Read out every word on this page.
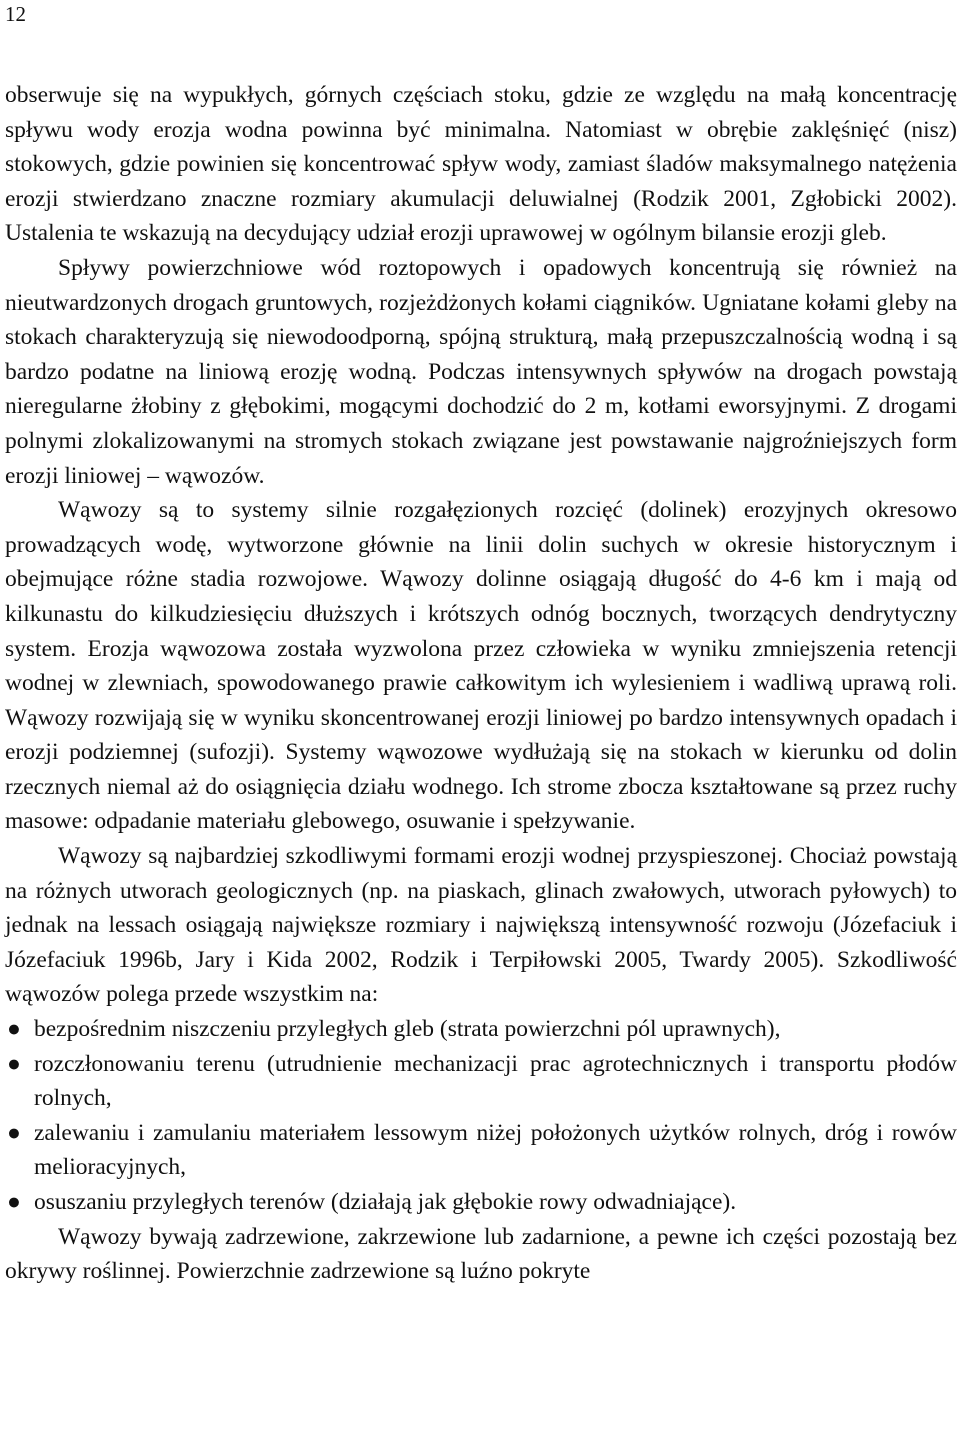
12

obserwuje się na wypukłych, górnych częściach stoku, gdzie ze względu na małą koncentrację spływu wody erozja wodna powinna być minimalna. Natomiast w obrębie zaklęśnięć (nisz) stokowych, gdzie powinien się koncentrować spływ wody, zamiast śladów maksymalnego natężenia erozji stwierdzano znaczne rozmiary akumulacji deluwialnej (Rodzik 2001, Zgłobicki 2002). Ustalenia te wskazują na decydujący udział erozji uprawowej w ogólnym bilansie erozji gleb.

Spływy powierzchniowe wód roztopowych i opadowych koncentrują się również na nieutwardzonych drogach gruntowych, rozjeżdżonych kołami ciągników. Ugniatane kołami gleby na stokach charakteryzują się niewodoodporną, spójną strukturą, małą przepuszczalnością wodną i są bardzo podatne na liniową erozję wodną. Podczas intensywnych spływów na drogach powstają nieregularne żłobiny z głębokimi, mogącymi dochodzić do 2 m, kotłami eworsyjnymi. Z drogami polnymi zlokalizowanymi na stromych stokach związane jest powstawanie najgroźniejszych form erozji liniowej – wąwozów.

Wąwozy są to systemy silnie rozgałęzionych rozcięć (dolinek) erozyjnych okresowo prowadzących wodę, wytworzone głównie na linii dolin suchych w okresie historycznym i obejmujące różne stadia rozwojowe. Wąwozy dolinne osiągają długość do 4-6 km i mają od kilkunastu do kilkudziesięciu dłuższych i krótszych odnóg bocznych, tworzących dendrytyczny system. Erozja wąwozowa została wyzwolona przez człowieka w wyniku zmniejszenia retencji wodnej w zlewniach, spowodowanego prawie całkowitym ich wylesieniem i wadliwą uprawą roli. Wąwozy rozwijają się w wyniku skoncentrowanej erozji liniowej po bardzo intensywnych opadach i erozji podziemnej (sufozji). Systemy wąwozowe wydłużają się na stokach w kierunku od dolin rzecznych niemal aż do osiągnięcia działu wodnego. Ich strome zbocza kształtowane są przez ruchy masowe: odpadanie materiału glebowego, osuwanie i spełzywanie.

Wąwozy są najbardziej szkodliwymi formami erozji wodnej przyspieszonej. Chociaż powstają na różnych utworach geologicznych (np. na piaskach, glinach zwałowych, utworach pyłowych) to jednak na lessach osiągają największe rozmiary i największą intensywność rozwoju (Józefaciuk i Józefaciuk 1996b, Jary i Kida 2002, Rodzik i Terpiłowski 2005, Twardy 2005). Szkodliwość wąwozów polega przede wszystkim na:

● bezpośrednim niszczeniu przyległych gleb (strata powierzchni pól uprawnych),
● rozczłonowaniu terenu (utrudnienie mechanizacji prac agrotechnicznych i transportu płodów rolnych,
● zalewaniu i zamulaniu materiałem lessowym niżej położonych użytków rolnych, dróg i rowów melioracyjnych,
● osuszaniu przyległych terenów (działają jak głębokie rowy odwadniające).

Wąwozy bywają zadrzewione, zakrzewione lub zadarnione, a pewne ich części pozostają bez okrywy roślinnej. Powierzchnie zadrzewione są luźno pokryte
